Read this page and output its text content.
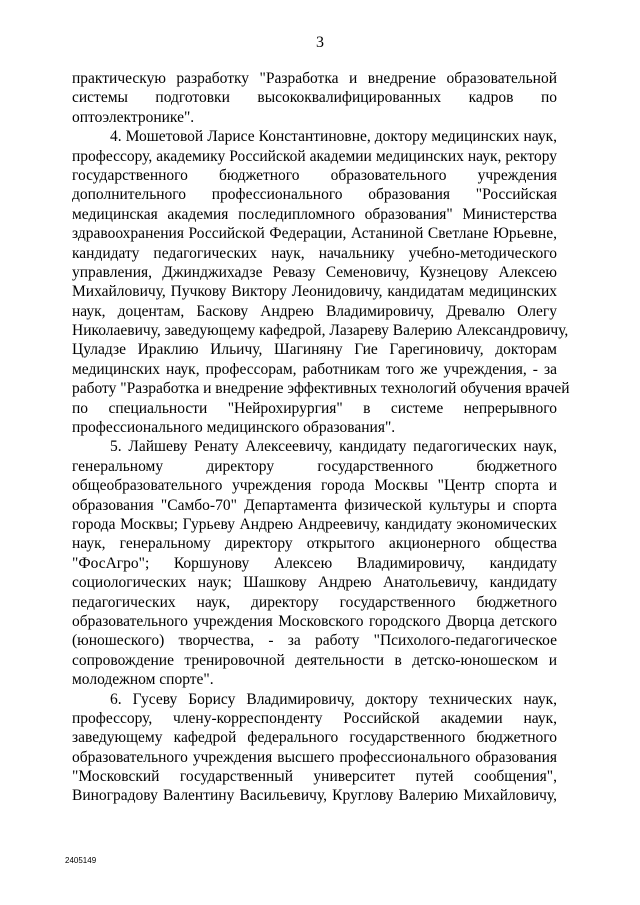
3
практическую разработку "Разработка и внедрение образовательной
системы подготовки высококвалифицированных кадров по
оптоэлектронике".
4. Мошетовой Ларисе Константиновне, доктору медицинских наук,
профессору, академику Российской академии медицинских наук, ректору
государственного бюджетного образовательного учреждения
дополнительного профессионального образования "Российская
медицинская академия последипломного образования" Министерства
здравоохранения Российской Федерации, Астаниной Светлане Юрьевне,
кандидату педагогических наук, начальнику учебно-методического
управления, Джинджихадзе Ревазу Семеновичу, Кузнецову Алексею
Михайловичу, Пучкову Виктору Леонидовичу, кандидатам медицинских
наук, доцентам, Баскову Андрею Владимировичу, Древалю Олегу
Николаевичу, заведующему кафедрой, Лазареву Валерию Александровичу,
Цуладзе Ираклию Ильичу, Шагиняну Гие Гарегиновичу, докторам
медицинских наук, профессорам, работникам того же учреждения, - за
работу "Разработка и внедрение эффективных технологий обучения врачей
по специальности "Нейрохирургия" в системе непрерывного
профессионального медицинского образования".
5. Лайшеву Ренату Алексеевичу, кандидату педагогических наук,
генеральному директору государственного бюджетного
общеобразовательного учреждения города Москвы "Центр спорта и
образования "Самбо-70" Департамента физической культуры и спорта
города Москвы; Гурьеву Андрею Андреевичу, кандидату экономических
наук, генеральному директору открытого акционерного общества
"ФосАгро"; Коршунову Алексею Владимировичу, кандидату
социологических наук; Шашкову Андрею Анатольевичу, кандидату
педагогических наук, директору государственного бюджетного
образовательного учреждения Московского городского Дворца детского
(юношеского) творчества, - за работу "Психолого-педагогическое
сопровождение тренировочной деятельности в детско-юношеском и
молодежном спорте".
6. Гусеву Борису Владимировичу, доктору технических наук,
профессору, члену-корреспонденту Российской академии наук,
заведующему кафедрой федерального государственного бюджетного
образовательного учреждения высшего профессионального образования
"Московский государственный университет путей сообщения",
Виноградову Валентину Васильевичу, Круглову Валерию Михайловичу,
2405149
